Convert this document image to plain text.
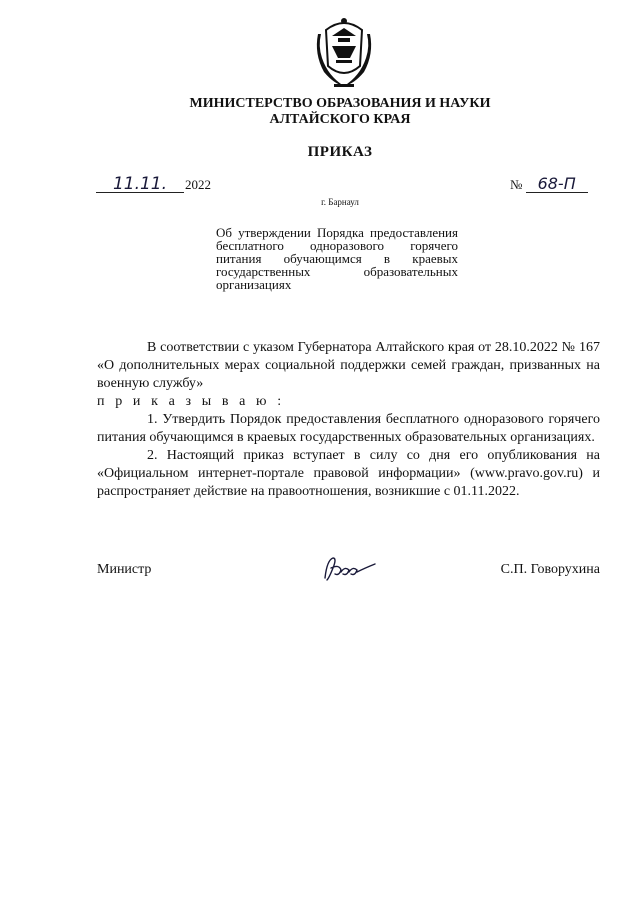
МИНИСТЕРСТВО ОБРАЗОВАНИЯ И НАУКИ
АЛТАЙСКОГО КРАЯ
ПРИКАЗ
11.11. 2022	№ 68-П
г. Барнаул
Об утверждении Порядка предоставления бесплатного одноразового горячего питания обучающимся в краевых государственных образовательных организациях

В соответствии с указом Губернатора Алтайского края от 28.10.2022 № 167 «О дополнительных мерах социальной поддержки семей граждан, призванных на военную службу»

п р и к а з ы в а ю :

1. Утвердить Порядок предоставления бесплатного одноразового горячего питания обучающимся в краевых государственных образовательных организациях.

2. Настоящий приказ вступает в силу со дня его опубликования на «Официальном интернет-портале правовой информации» (www.pravo.gov.ru) и распространяет действие на правоотношения, возникшие с 01.11.2022.

Министр	С.П. Говорухина
